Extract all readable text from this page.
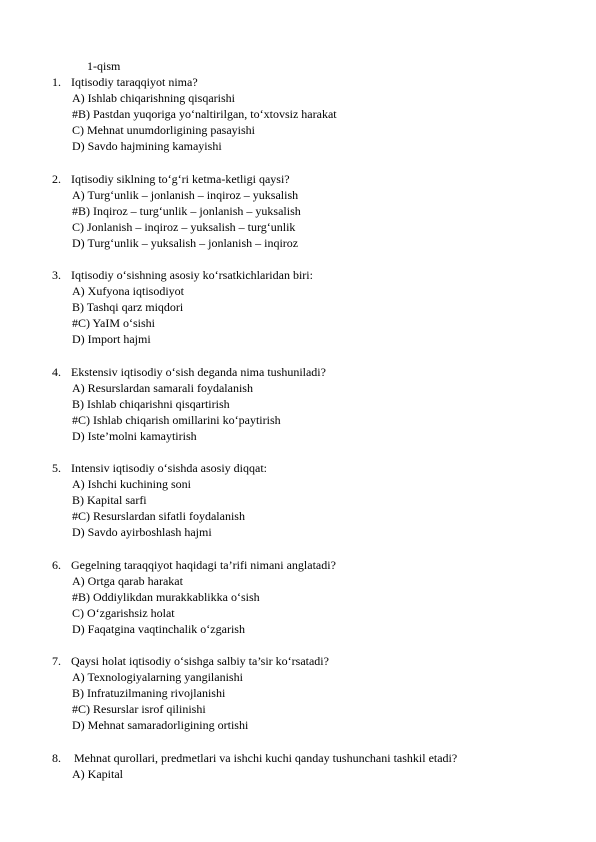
1-qism
1. Iqtisodiy taraqqiyot nima?
A) Ishlab chiqarishning qisqarishi
#B) Pastdan yuqoriga yo‘naltirilgan, to‘xtovsiz harakat
C) Mehnat unumdorligining pasayishi
D) Savdo hajmining kamayishi
2. Iqtisodiy siklning to‘g‘ri ketma-ketligi qaysi?
A) Turg‘unlik – jonlanish – inqiroz – yuksalish
#B) Inqiroz – turg‘unlik – jonlanish – yuksalish
C) Jonlanish – inqiroz – yuksalish – turg‘unlik
D) Turg‘unlik – yuksalish – jonlanish – inqiroz
3. Iqtisodiy o‘sishning asosiy ko‘rsatkichlaridan biri:
A) Xufyona iqtisodiyot
B) Tashqi qarz miqdori
#C) YaIM o‘sishi
D) Import hajmi
4. Ekstensiv iqtisodiy o‘sish deganda nima tushuniladi?
A) Resurslardan samarali foydalanish
B) Ishlab chiqarishni qisqartirish
#C) Ishlab chiqarish omillarini ko‘paytirish
D) Iste’molni kamaytirish
5. Intensiv iqtisodiy o‘sishda asosiy diqqat:
A) Ishchi kuchining soni
B) Kapital sarfi
#C) Resurslardan sifatli foydalanish
D) Savdo ayirboshlash hajmi
6. Gegelning taraqqiyot haqidagi ta’rifi nimani anglatadi?
A) Ortga qarab harakat
#B) Oddiylikdan murakkablikka o‘sish
C) O‘zgarishsiz holat
D) Faqatgina vaqtinchalik o‘zgarish
7. Qaysi holat iqtisodiy o‘sishga salbiy ta’sir ko‘rsatadi?
A) Texnologiyalarning yangilanishi
B) Infratuzilmaning rivojlanishi
#C) Resurslar isrof qilinishi
D) Mehnat samaradorligining ortishi
8. Mehnat qurollari, predmetlari va ishchi kuchi qanday tushunchani tashkil etadi?
A) Kapital
